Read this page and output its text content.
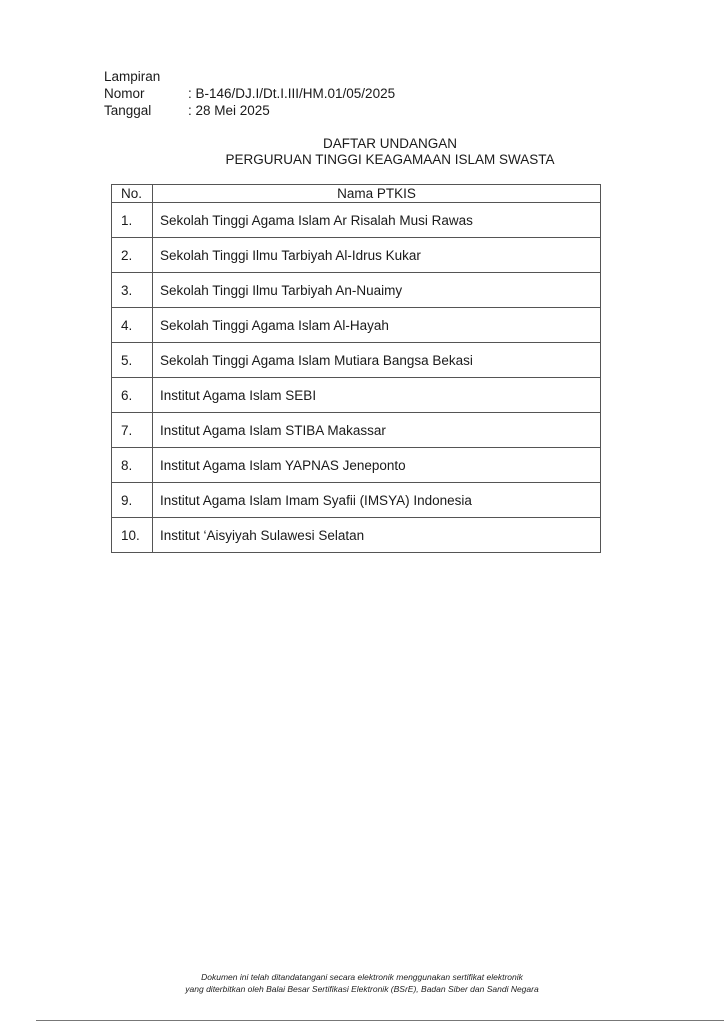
Lampiran
Nomor	: B-146/DJ.I/Dt.I.III/HM.01/05/2025
Tanggal	: 28 Mei 2025
DAFTAR UNDANGAN
PERGURUAN TINGGI KEAGAMAAN ISLAM SWASTA
No.	Nama PTKIS
1.	Sekolah Tinggi Agama Islam Ar Risalah Musi Rawas
2.	Sekolah Tinggi Ilmu Tarbiyah Al-Idrus Kukar
3.	Sekolah Tinggi Ilmu Tarbiyah An-Nuaimy
4.	Sekolah Tinggi Agama Islam Al-Hayah
5.	Sekolah Tinggi Agama Islam Mutiara Bangsa Bekasi
6.	Institut Agama Islam SEBI
7.	Institut Agama Islam STIBA Makassar
8.	Institut Agama Islam YAPNAS Jeneponto
9.	Institut Agama Islam Imam Syafii (IMSYA) Indonesia
10.	Institut ‘Aisyiyah Sulawesi Selatan
Dokumen ini telah ditandatangani secara elektronik menggunakan sertifikat elektronik
yang diterbitkan oleh Balai Besar Sertifikasi Elektronik (BSrE), Badan Siber dan Sandi Negara
